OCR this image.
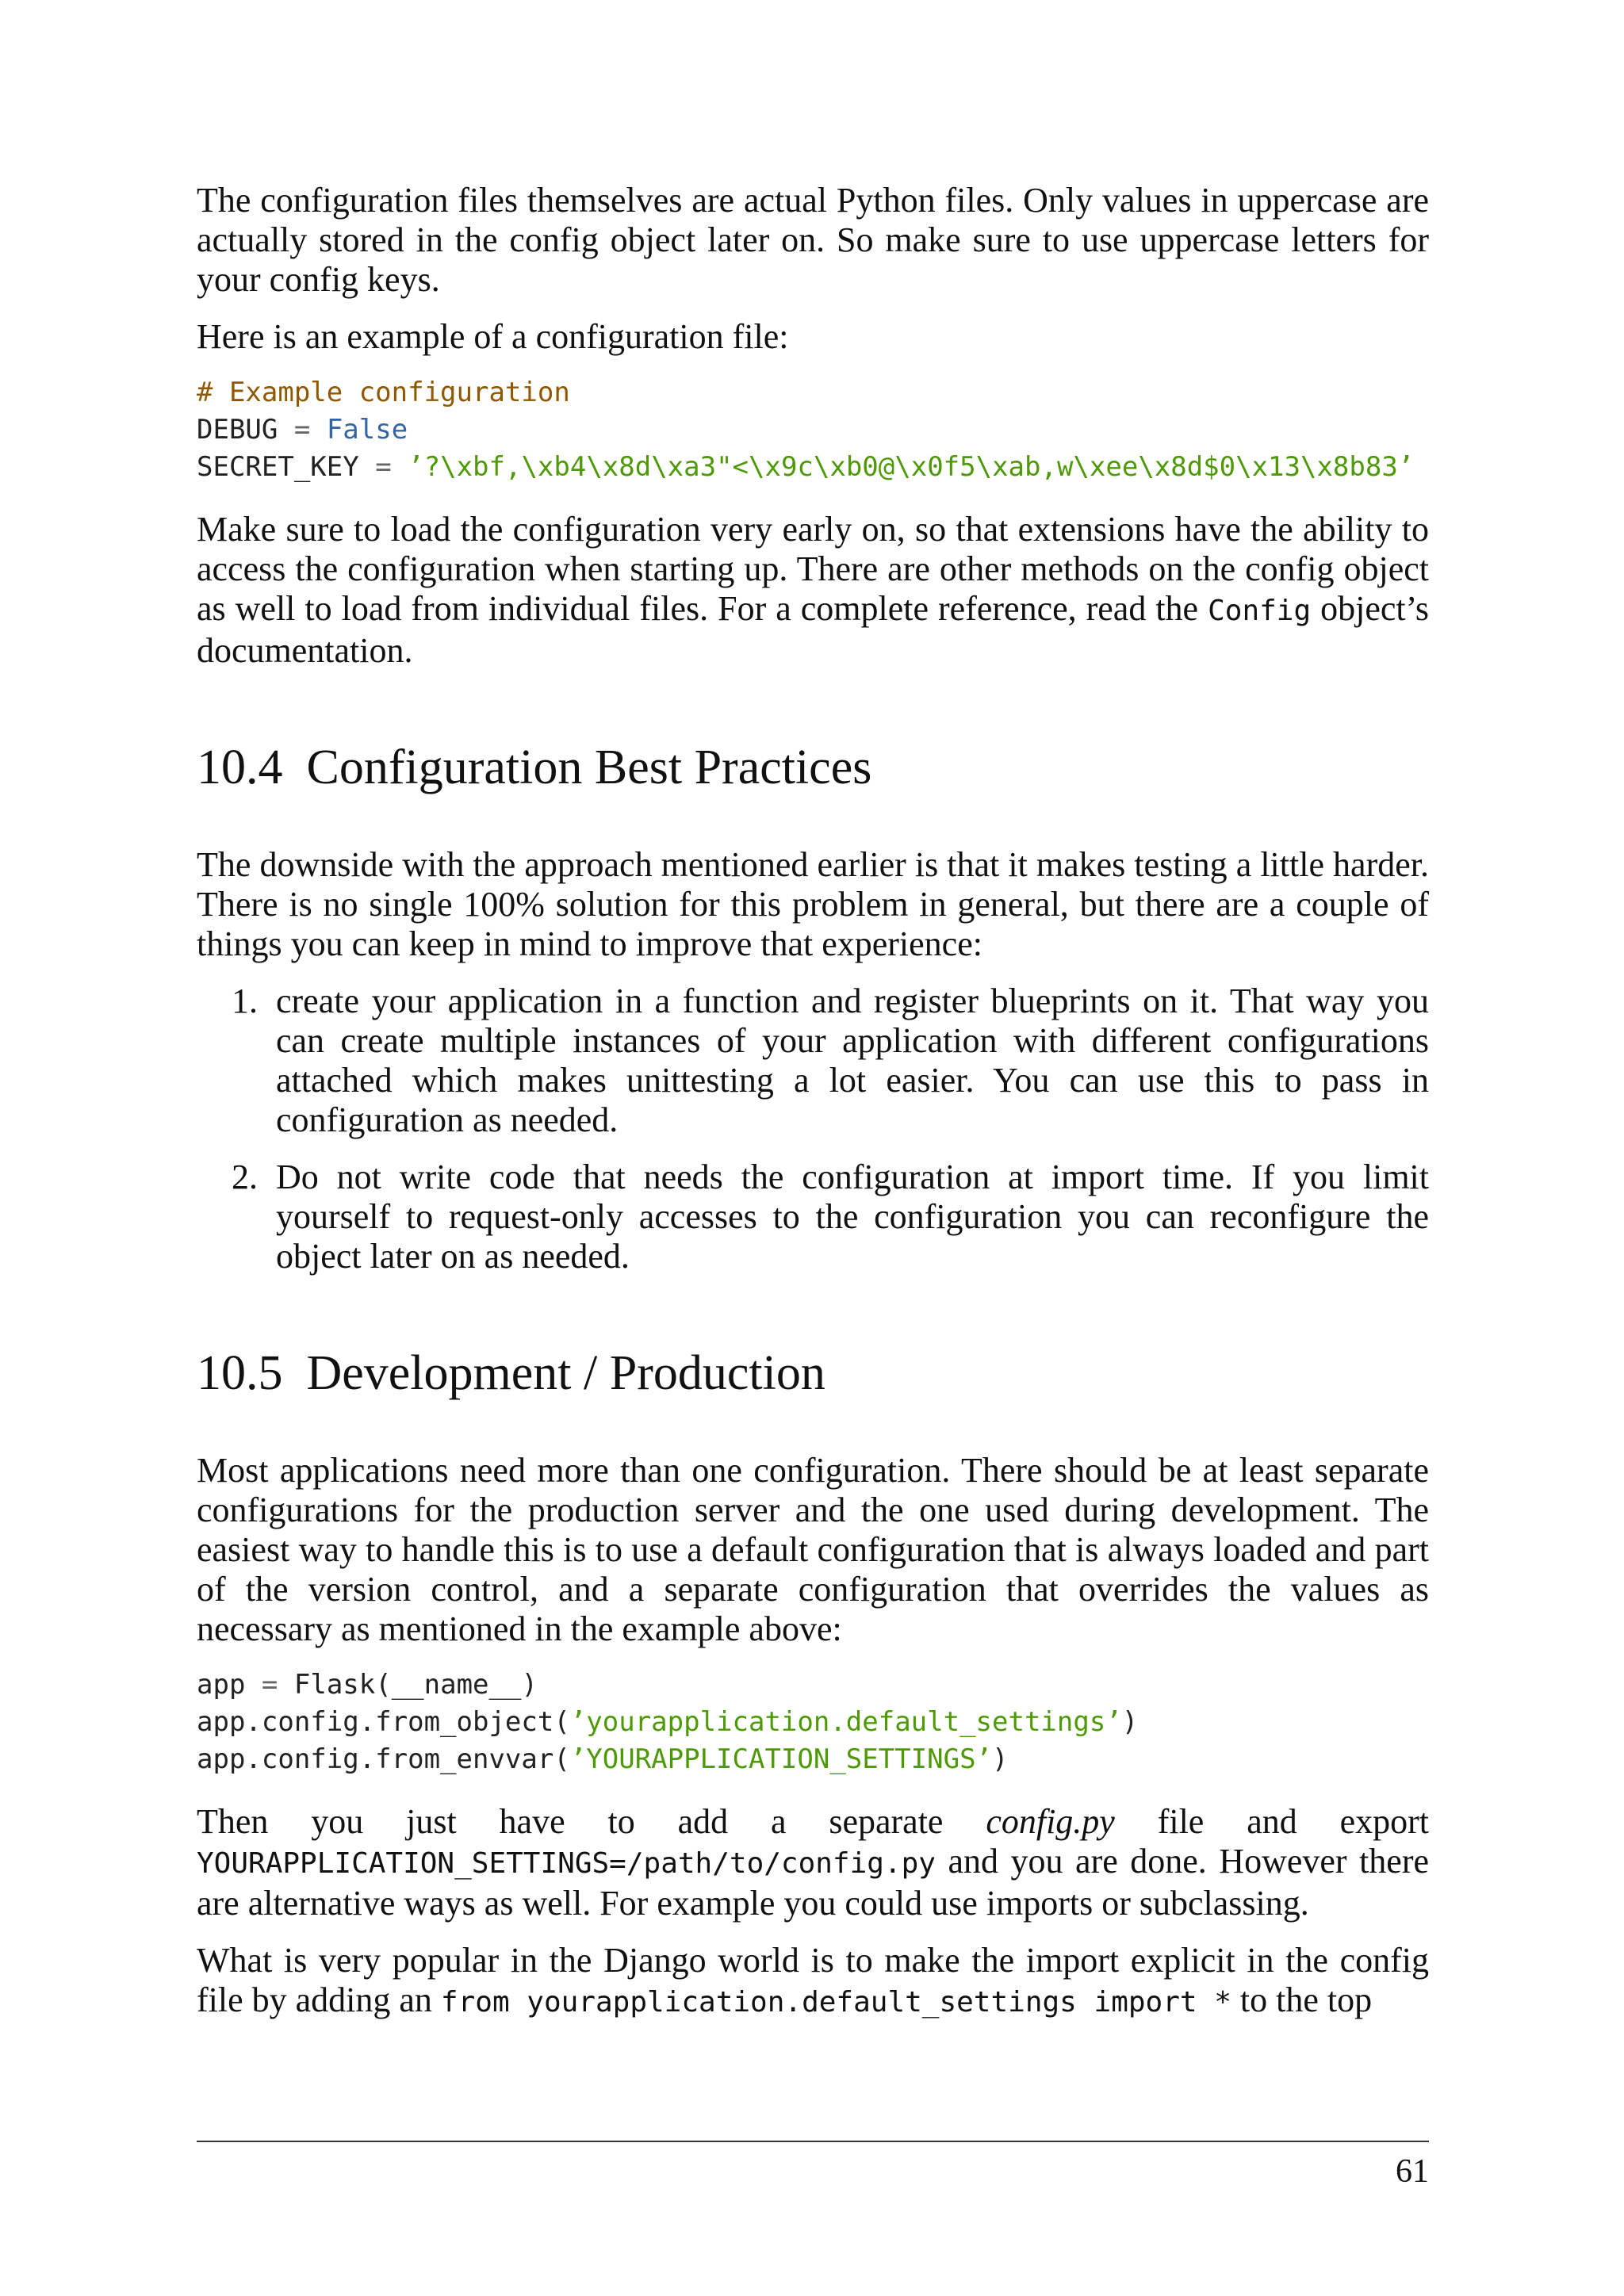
The configuration files themselves are actual Python files. Only values in uppercase are actually stored in the config object later on. So make sure to use uppercase letters for your config keys.

Here is an example of a configuration file:

# Example configuration
DEBUG = False
SECRET_KEY = ’?\xbf,\xb4\x8d\xa3"<\x9c\xb0@\x0f5\xab,w\xee\x8d$0\x13\x8b83’

Make sure to load the configuration very early on, so that extensions have the ability to access the configuration when starting up. There are other methods on the config object as well to load from individual files. For a complete reference, read the Config object’s documentation.

10.4 Configuration Best Practices

The downside with the approach mentioned earlier is that it makes testing a little harder. There is no single 100% solution for this problem in general, but there are a couple of things you can keep in mind to improve that experience:

1. create your application in a function and register blueprints on it. That way you can create multiple instances of your application with different configurations attached which makes unittesting a lot easier. You can use this to pass in configuration as needed.
2. Do not write code that needs the configuration at import time. If you limit yourself to request-only accesses to the configuration you can reconfigure the object later on as needed.
10.5 Development / Production

Most applications need more than one configuration. There should be at least separate configurations for the production server and the one used during development. The easiest way to handle this is to use a default configuration that is always loaded and part of the version control, and a separate configuration that overrides the values as necessary as mentioned in the example above:

app = Flask(__name__)
app.config.from_object(’yourapplication.default_settings’)
app.config.from_envvar(’YOURAPPLICATION_SETTINGS’)

Then you just have to add a separate config.py file and export YOURAPPLICATION_SETTINGS=/path/to/config.py and you are done. However there are alternative ways as well. For example you could use imports or subclassing.

What is very popular in the Django world is to make the import explicit in the config file by adding an from yourapplication.default_settings import * to the top

61
